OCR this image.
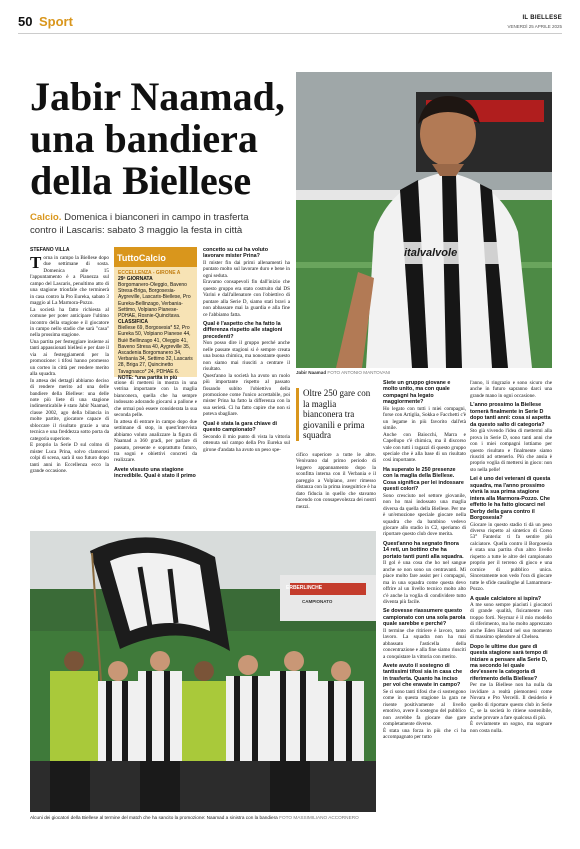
50 Sport	IL BIELLESE
VENERDÌ 25 APRILE 2025
Jabir Naamad,
una bandiera
della Biellese
Calcio. Domenica i bianconeri in campo in trasferta
contro il Lascaris: sabato 3 maggio la festa in città
italvalvole
Jabir Naamad FOTO ANTONIO MANTOVANI
STEFANO VILLA
Torna in campo la Biellese dopo due settimane di sosta. Domenica alle 15 l'appuntamento è a Pianezza sul campo del Lascaris, penultimo atto di una stagione trionfale che terminerà in casa contro la Pro Eureka, sabato 3 maggio al La Marmora-Pozzo.
La società ha fatto richiesta al comune per poter anticipare l'ultimo incontro della stagione e il giocatore in campo nello stadio che sarà "casa" nella prossima stagione.
Una partita per festeggiare insieme ai tanti appassionati biellesi e per dare il via ai festeggiamenti per la promozione: i tifosi hanno promesso un corteo in città per rendere merito alla squadra.
In attesa dei dettagli abbiamo deciso di rendere merito ad una delle bandiere della Biellese: una delle note più liete di una stagione indimenticabile è stato Jabir Naamad, classe 2002, ago della bilancia in molte partite, giocatore capace di sbloccare il risultato grazie a una tecnica e una freddezza sotto porta da categoria superiore.
E proprio la Serie D sul colmo di mister Luca Prina, solvo clamorosi colpi di scena, sarà il suo futuro dopo tanti anni in Eccellenza ecco la grande occasione.
TuttoCalcio
ECCELLENZA - GIRONE A
29ª GIORNATA
Borgomanero-Oleggio, Baveno Stresa-Briga, Borgosesia-Aygreville, Lascaris-Biellese, Pro Eureka-Bellinzago, Verbania-Settimo, Volpiano Pianese-PDHAE, Rosnie-Quincitava.
CLASSIFICA
Biellese 69, Borgosesia* 52, Pro Eureka 50, Volpiano Pianese 44, Buié Bellinzago 41, Oleggio 41, Baveno Stresa 40, Aygreville 35, Ascadenia Borgomanero 34, Verbania 34, Settimo 32, Lascaris 28, Briga 27, Quincinetto Tavagnasco* 24, PDHAE 6.
NOTE: *una partita in più
stione di mettersi in mostra in una vetrina importante con la maglia bianconera, quella che ha sempre indossato adorando giocarsi a pallone e che ormai può essere considerata la sua seconda pelle.
In attesa di entrare in campo dopo due settimane di stop, in quest'intervista abbiamo voluto analizzare la figura di Naamad a 360 gradi, per parlare di passato, presente e soprattutto futuro, tra sogni e obiettivi concreti da realizzare.
Avete vissuto una stagione incredibile. Qual è stato il primo
concetto su cui ha voluto lavorare mister Prina?
Il mister fin dai primi allenamenti ha puntato molto sul lavorare duro e bene in ogni seduta.
Eravamo consapevoli fin dall'inizio che questo gruppo era stato costruito dal DS Varini e dall'allenatore con l'obiettivo di puntare alla Serie D, siamo stati bravi a non abbassare mai la guardia e alla fine ce l'abbiamo fatta.
Qual è l'aspetto che ha fatto la differenza rispetto alle stagioni precedenti?
Non posso dire il gruppo perché anche nelle passate stagioni si è sempre creata una buona chimica, ma nonostante questo non siamo mai riusciti a centrare il risultato.
Quest'anno la società ha avuto un ruolo più importante rispetto al passato fissando subito l'obiettivo della promozione come l'unico accettabile, poi mister Prina ha fatto la differenza con la sua serietà. Ci ha fatto capire che non si poteva sbagliare.
Qual è stata la gara chiave di questo campionato?
Secondo il mio punto di vista la vittoria ottenuta sul campo della Pro Eureka sul girone d'andata ha avuto un peso spe-
Oltre 250 gare con la maglia bianconera tra giovanili e prima squadra
cifico superiore a tutte le altre. Venivamo dal primo periodo di leggero appannamento dopo la sconfitta interna con il Verbania e il pareggio a Volpiano, aver rimesso distanza con la prima inseguitrice è ha dato fiducia in quello che stavamo facendo con consapevolezza dei nostri mezzi.
Siete un gruppo giovane e molto unito, ma con quale compagni ha legato maggiormente?
Ho legato con tutti i miei compagni, forse con Artiglia, Sokka e Facchetti c'è un legame in più favorito dall'età simile.
Anche con Baiocchi, Marra e Capellupo c'è chimica, ma il discorso vale con tutti i ragazzi di questo gruppo speciale che è alla base di un risultato così importante.
Ha superato le 250 presenze con la maglia della Biellese. Cosa significa per lei indossare questi colori?
Sono cresciuto nel settore giovanile, non ho mai indossato una maglia diversa da quella della Biellese. Per me è un'emozione speciale giocare nella squadra che da bambino vedevo giocare allo stadio in C2, speriamo di riportare questo club dove merita.
Quest'anno ha segnato finora 14 reti, un bottino che ha portato tanti punti alla squadra.
Il gol è una cosa che ho nel sangue anche se non sono un centravanti. Mi piace molto fare assist per i compagni, ma in una squadra come questa devo offrire al un livello tecnico molto alto c'è anche la voglia di condividere tutto diventa più facile.
Se dovesse riassumere questo campionato con una sola parola quale sarebbe e perché?
Il termine che ritiriere è lavoro, tanto lavoro. La squadra non ha mai abbassato l'asticella della concentrazione e alla fine siamo riusciti a conquistare la vittoria con merito.
Avete avuto il sostegno di tantissimi tifosi sia in casa che in trasferta. Quanto ha inciso per voi che eravate in campo?
Se ci sono tanti tifosi che ci sostengono come in questa stagione la gara ne risente positivamente al livello emotivo, avere il sostegno del pubblico non avrebbe fa giocare due gare completamente diverse.
È stata una forza in più che ci ha accompagnato per tutto
l'anno, li ringrazio e sono sicuro che anche in futuro sapranno darci una grande mano in ogni occasione.
L'anno prossimo la Biellese tornerà finalmente in Serie D dopo tanti anni: cosa si aspetta da questo salto di categoria?
Sto già vivendo l'idea di mettermi alla prova in Serie D, sono tanti anni che con i miei compagni lottiamo per questo risultato e finalmente siamo riusciti ad ottenerlo. Più che ansia è proprio voglia di mettersi in gioco: non sto nella pelle!
Lei è uno dei veterani di questa squadra, ma l'anno prossimo vivrà la sua prima stagione intera alla Marmora-Pozzo. Che effetto le ha fatto giocarci nel Derby della gara contro il Borgosesia?
Giocare in questo stadio ti dà un peso diverso rispetto al sintetico di Corso 53° Fanteria: ti fa sentire più calciatore. Quella contro il Borgosesia è stata una partita d'un altro livello rispetto a tutte le altre del campionato proprio per il terreno di gioco e una cornice di pubblico unica. Sinceramente non vedo l'ora di giocare tutte le sfide casalinghe al Lamarmora-Pozzo.
A quale calciatore si ispira?
A me sono sempre piaciuti i giocatori di grande qualità, fisicamente non troppo forti. Neymar è il mio modello di riferimento, ma ho molto apprezzato anche Eden Hazard nel suo momento di massimo splendore al Chelsea.
Dopo le ultime due gare di questa stagione sarà tempo di iniziare a pensare alla Serie D, ma secondo lei quale dev'essere la categoria di riferimento della Biellese?
Per me la Biellese non ha nulla da invidiare a realtà piemontesi come Novara e Pro Vercelli. Il desiderio è quello di riportare questo club in Serie C, se la società lo ritiene sostenibile, anche provare a fare qualcosa di più.
È ovviamente un sogno, ma sognare non costa nulla.
ERBERLINCHE
CAMPIONATO
Alcuni dei giocatori della Biellese al termine del match che ha sancito la promozione: Naamad a sinistra con la bandiera FOTO MASSIMILIANO ACCORNERO
